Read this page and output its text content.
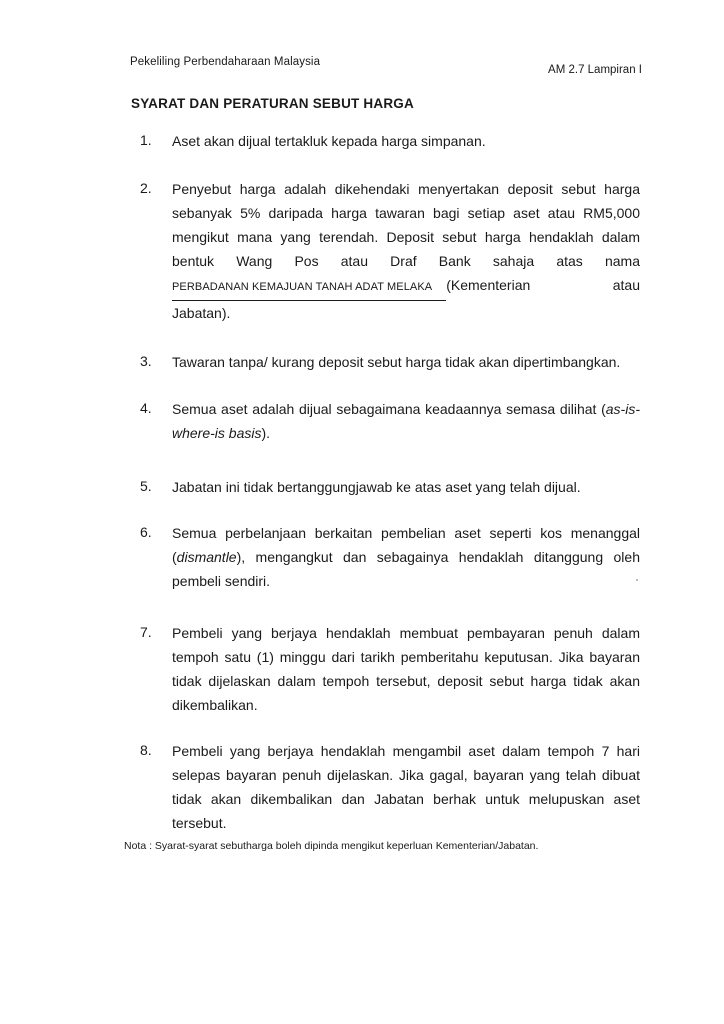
Pekeliling Perbendaharaan Malaysia
AM 2.7 Lampiran I
SYARAT DAN PERATURAN SEBUT HARGA
1. Aset akan dijual tertakluk kepada harga simpanan.
2. Penyebut harga adalah dikehendaki menyertakan deposit sebut harga
sebanyak 5% daripada harga tawaran bagi setiap aset atau RM5,000
mengikut mana yang terendah. Deposit sebut harga hendaklah dalam
bentuk Wang Pos atau Draf Bank sahaja atas nama
PERBADANAN KEMAJUAN TANAH ADAT MELAKA	(Kementerian	atau
Jabatan).
3. Tawaran tanpa/ kurang deposit sebut harga tidak akan dipertimbangkan.
4. Semua aset adalah dijual sebagaimana keadaannya semasa dilihat (as-is-
where-is basis).
5. Jabatan ini tidak bertanggungjawab ke atas aset yang telah dijual.
6. Semua perbelanjaan berkaitan pembelian aset seperti kos menanggal
(dismantle), mengangkut dan sebagainya hendaklah ditanggung oleh
pembeli sendiri.
7. Pembeli yang berjaya hendaklah membuat pembayaran penuh dalam
tempoh satu (1) minggu dari tarikh pemberitahu keputusan. Jika bayaran
tidak dijelaskan dalam tempoh tersebut, deposit sebut harga tidak akan
dikembalikan.
8. Pembeli yang berjaya hendaklah mengambil aset dalam tempoh 7 hari
selepas bayaran penuh dijelaskan. Jika gagal, bayaran yang telah dibuat
tidak akan dikembalikan dan Jabatan berhak untuk melupuskan aset
tersebut.
Nota : Syarat-syarat sebutharga boleh dipinda mengikut keperluan Kementerian/Jabatan.
